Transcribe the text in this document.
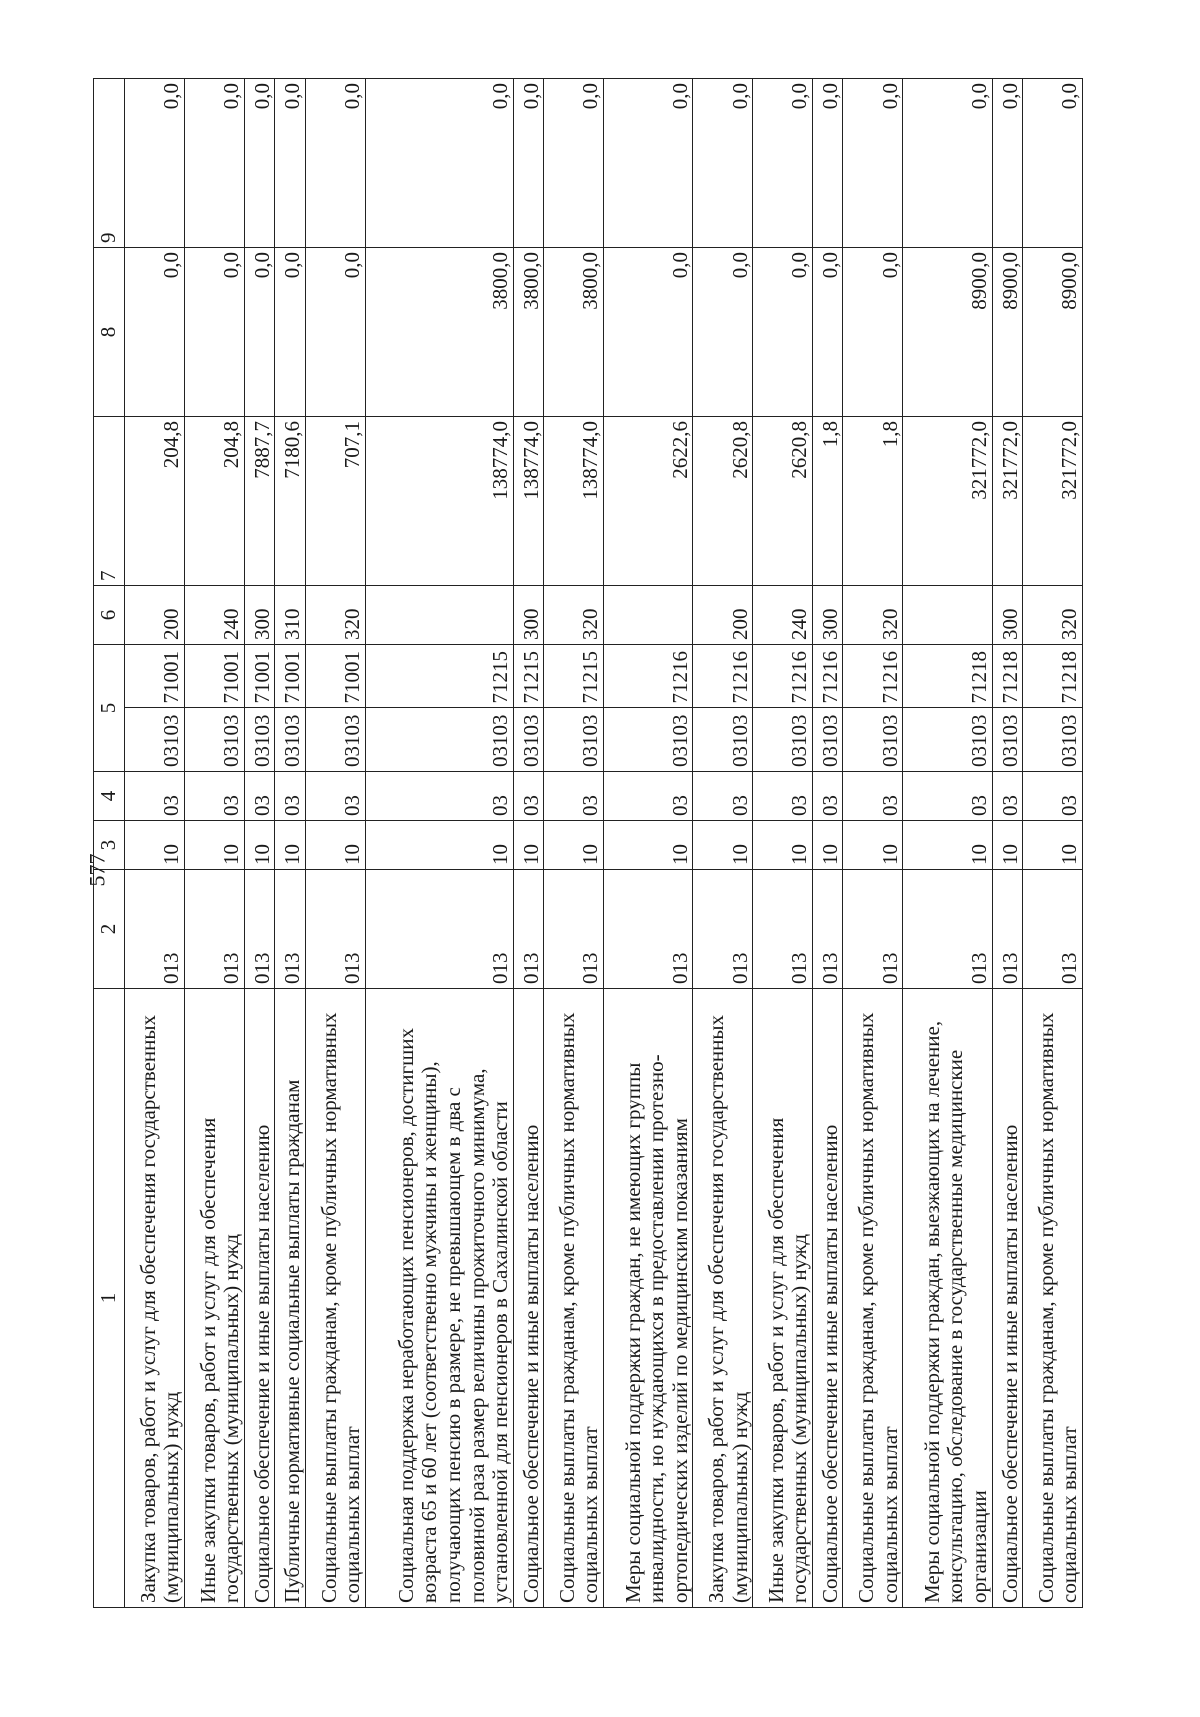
577
1	2	3	4	5		6	7	8	9
Закупка товаров, работ и услуг для обеспечения государственных (муниципальных) нужд	013	10	03	03103	71001	200	204,8	0,0	0,0
Иные закупки товаров, работ и услуг для обеспечения государственных (муниципальных) нужд	013	10	03	03103	71001	240	204,8	0,0	0,0
Социальное обеспечение и иные выплаты населению	013	10	03	03103	71001	300	7887,7	0,0	0,0
Публичные нормативные социальные выплаты гражданам	013	10	03	03103	71001	310	7180,6	0,0	0,0
Социальные выплаты гражданам, кроме публичных нормативных социальных выплат	013	10	03	03103	71001	320	707,1	0,0	0,0
Социальная поддержка неработающих пенсионеров, достигших возраста 65 и 60 лет (соответственно мужчины и женщины), получающих пенсию в размере, не превышающем в два с половиной раза размер величины прожиточного минимума, установленной для пенсионеров в Сахалинской области	013	10	03	03103	71215		138774,0	3800,0	0,0
Социальное обеспечение и иные выплаты населению	013	10	03	03103	71215	300	138774,0	3800,0	0,0
Социальные выплаты гражданам, кроме публичных нормативных социальных выплат	013	10	03	03103	71215	320	138774,0	3800,0	0,0
Меры социальной поддержки граждан, не имеющих группы инвалидности, но нуждающихся в предоставлении протезно-ортопедических изделий по медицинским показаниям	013	10	03	03103	71216		2622,6	0,0	0,0
Закупка товаров, работ и услуг для обеспечения государственных (муниципальных) нужд	013	10	03	03103	71216	200	2620,8	0,0	0,0
Иные закупки товаров, работ и услуг для обеспечения государственных (муниципальных) нужд	013	10	03	03103	71216	240	2620,8	0,0	0,0
Социальное обеспечение и иные выплаты населению	013	10	03	03103	71216	300	1,8	0,0	0,0
Социальные выплаты гражданам, кроме публичных нормативных социальных выплат	013	10	03	03103	71216	320	1,8	0,0	0,0
Меры социальной поддержки граждан, выезжающих на лечение, консультацию, обследование в государственные медицинские организации	013	10	03	03103	71218		321772,0	8900,0	0,0
Социальное обеспечение и иные выплаты населению	013	10	03	03103	71218	300	321772,0	8900,0	0,0
Социальные выплаты гражданам, кроме публичных нормативных социальных выплат	013	10	03	03103	71218	320	321772,0	8900,0	0,0
